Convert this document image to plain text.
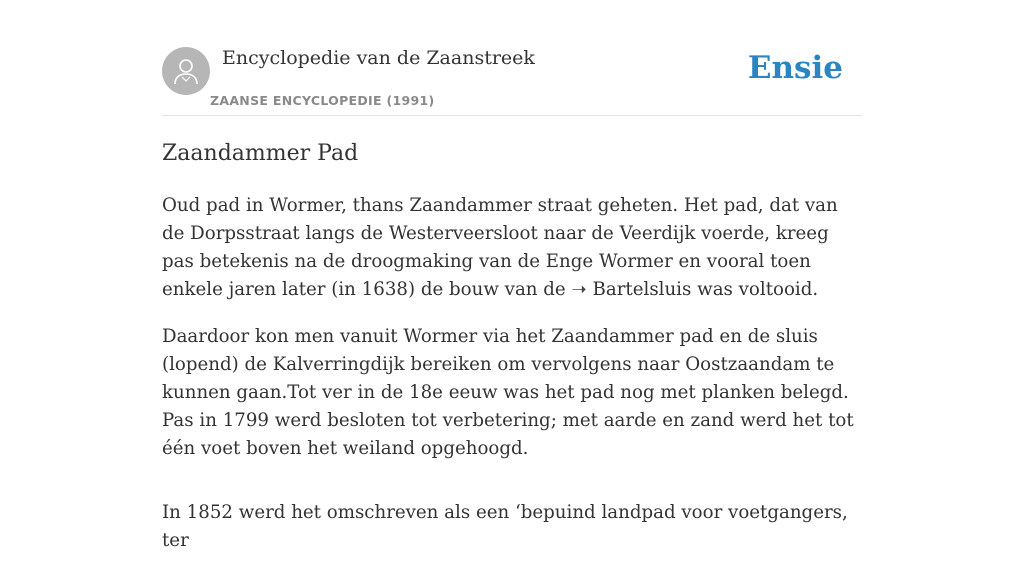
Encyclopedie van de Zaanstreek
ZAANSE ENCYCLOPEDIE (1991)
Ensie
Zaandammer Pad

Oud pad in Wormer, thans Zaandammer straat geheten. Het pad, dat van de Dorpsstraat langs de Westerveersloot naar de Veerdijk voerde, kreeg pas betekenis na de droogmaking van de Enge Wormer en vooral toen enkele jaren later (in 1638) de bouw van de ➝ Bartelsluis was voltooid.

Daardoor kon men vanuit Wormer via het Zaandammer pad en de sluis (lopend) de Kalverringdijk bereiken om vervolgens naar Oostzaandam te kunnen gaan.Tot ver in de 18e eeuw was het pad nog met planken belegd. Pas in 1799 werd besloten tot verbetering; met aarde en zand werd het tot één voet boven het weiland opgehoogd.

In 1852 werd het omschreven als een ‘bepuind landpad voor voetgangers, ter
